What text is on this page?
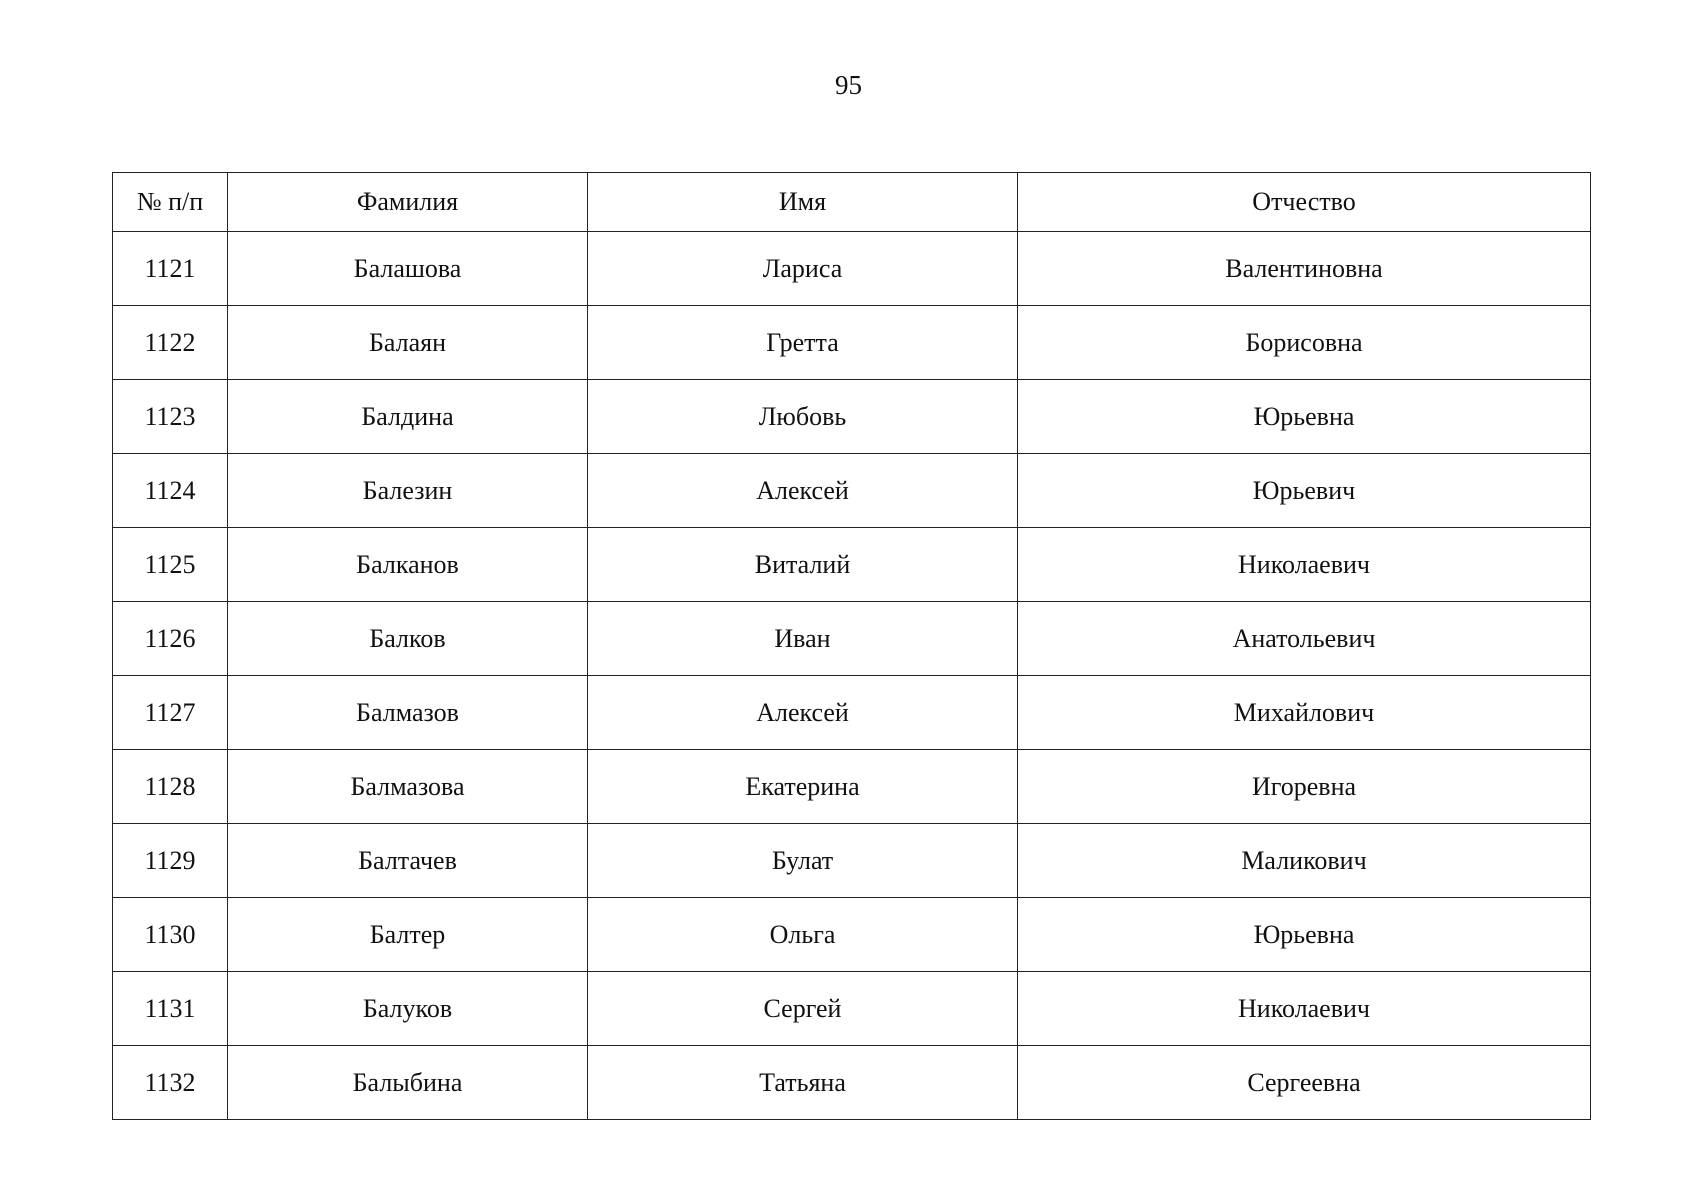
95
№ п/п	Фамилия	Имя	Отчество
1121	Балашова	Лариса	Валентиновна
1122	Балаян	Гретта	Борисовна
1123	Балдина	Любовь	Юрьевна
1124	Балезин	Алексей	Юрьевич
1125	Балканов	Виталий	Николаевич
1126	Балков	Иван	Анатольевич
1127	Балмазов	Алексей	Михайлович
1128	Балмазова	Екатерина	Игоревна
1129	Балтачев	Булат	Маликович
1130	Балтер	Ольга	Юрьевна
1131	Балуков	Сергей	Николаевич
1132	Балыбина	Татьяна	Сергеевна
